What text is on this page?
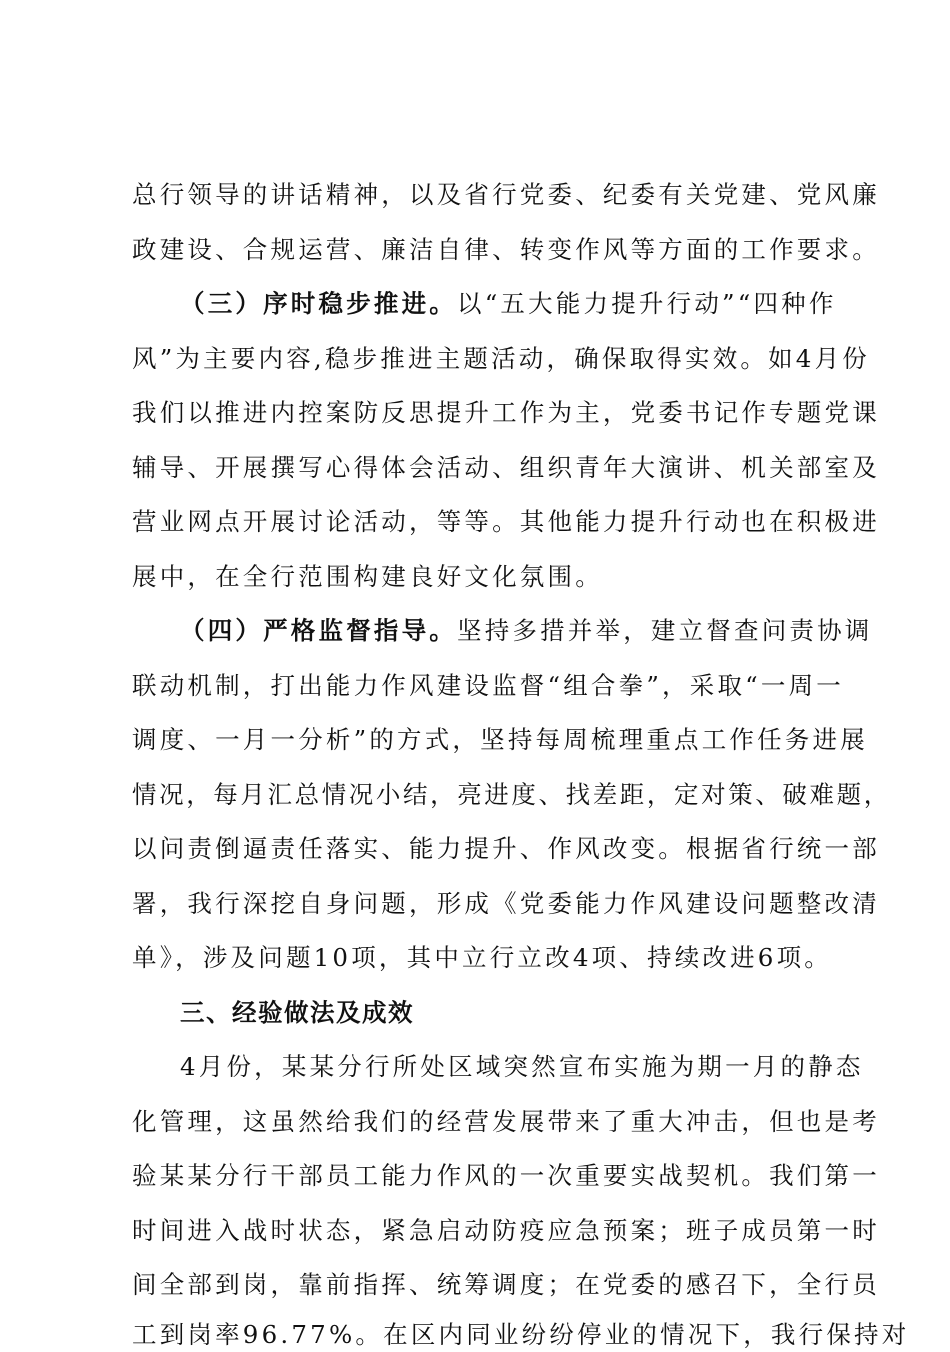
总行领导的讲话精神，以及省行党委、纪委有关党建、党风廉
政建设、合规运营、廉洁自律、转变作风等方面的工作要求。
（三）序时稳步推进。以“五大能力提升行动”“四种作
风”为主要内容,稳步推进主题活动，确保取得实效。如4月份
我们以推进内控案防反思提升工作为主，党委书记作专题党课
辅导、开展撰写心得体会活动、组织青年大演讲、机关部室及
营业网点开展讨论活动，等等。其他能力提升行动也在积极进
展中，在全行范围构建良好文化氛围。
（四）严格监督指导。坚持多措并举，建立督查问责协调
联动机制，打出能力作风建设监督“组合拳”，采取“一周一
调度、一月一分析”的方式，坚持每周梳理重点工作任务进展
情况，每月汇总情况小结，亮进度、找差距，定对策、破难题，
以问责倒逼责任落实、能力提升、作风改变。根据省行统一部
署，我行深挖自身问题，形成《党委能力作风建设问题整改清
单》，涉及问题10项，其中立行立改4项、持续改进6项。
三、经验做法及成效
4月份，某某分行所处区域突然宣布实施为期一月的静态
化管理，这虽然给我们的经营发展带来了重大冲击，但也是考
验某某分行干部员工能力作风的一次重要实战契机。我们第一
时间进入战时状态，紧急启动防疫应急预案；班子成员第一时
间全部到岗，靠前指挥、统筹调度；在党委的感召下，全行员
工到岗率96.77%。在区内同业纷纷停业的情况下，我行保持对
